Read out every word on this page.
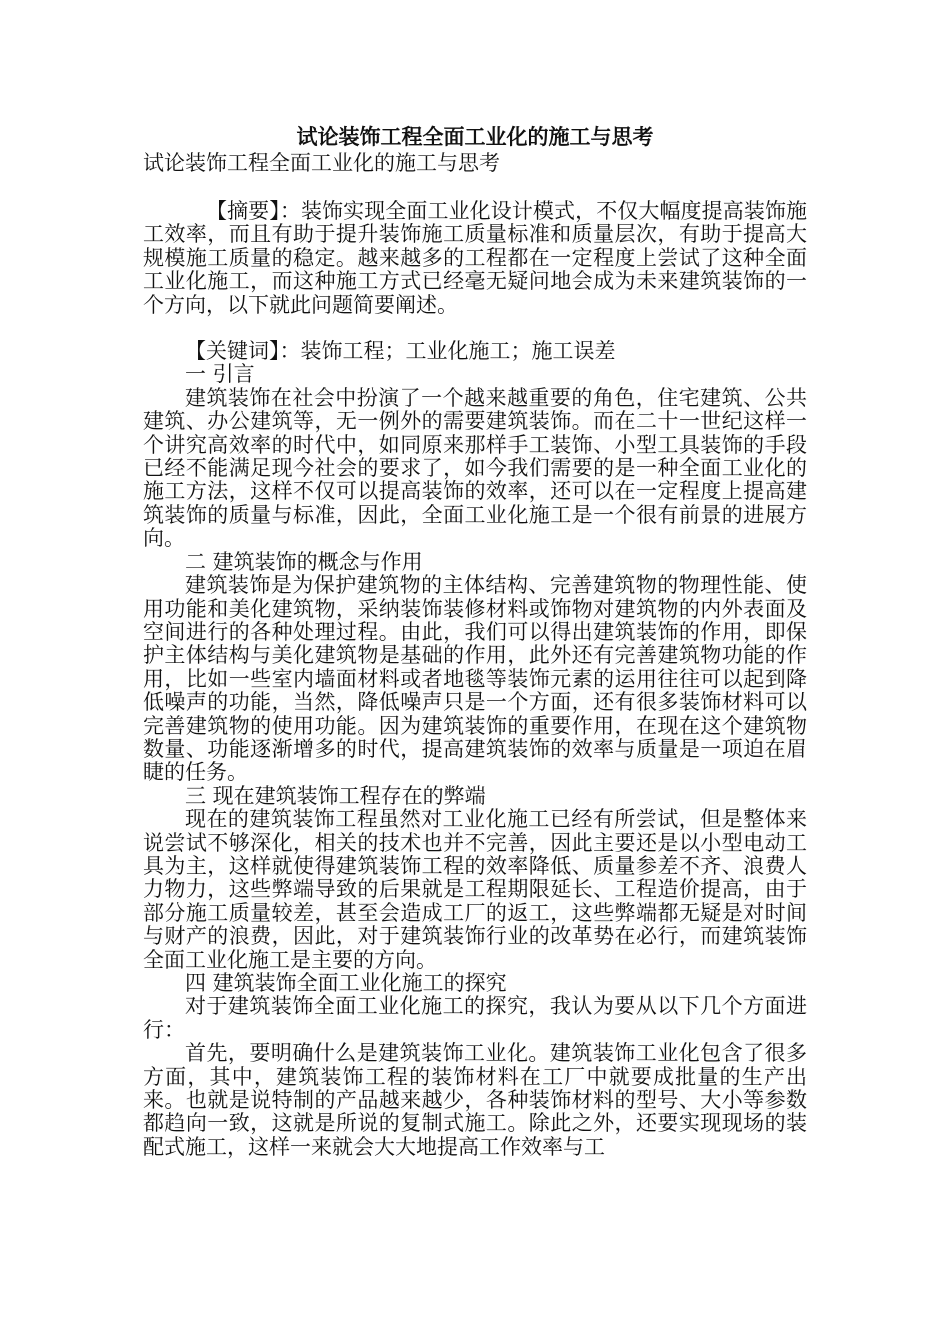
试论装饰工程全面工业化的施工与思考
试论装饰工程全面工业化的施工与思考

【摘要】：装饰实现全面工业化设计模式，不仅大幅度提高装饰施工效率，而且有助于提升装饰施工质量标准和质量层次，有助于提高大规模施工质量的稳定。越来越多的工程都在一定程度上尝试了这种全面工业化施工，而这种施工方式已经毫无疑问地会成为未来建筑装饰的一个方向，以下就此问题简要阐述。

【关键词】：装饰工程；工业化施工；施工误差

一 引言

建筑装饰在社会中扮演了一个越来越重要的角色，住宅建筑、公共建筑、办公建筑等，无一例外的需要建筑装饰。而在二十一世纪这样一个讲究高效率的时代中，如同原来那样手工装饰、小型工具装饰的手段已经不能满足现今社会的要求了，如今我们需要的是一种全面工业化的施工方法，这样不仅可以提高装饰的效率，还可以在一定程度上提高建筑装饰的质量与标准，因此，全面工业化施工是一个很有前景的进展方向。

二 建筑装饰的概念与作用

建筑装饰是为保护建筑物的主体结构、完善建筑物的物理性能、使用功能和美化建筑物，采纳装饰装修材料或饰物对建筑物的内外表面及空间进行的各种处理过程。由此，我们可以得出建筑装饰的作用，即保护主体结构与美化建筑物是基础的作用，此外还有完善建筑物功能的作用，比如一些室内墙面材料或者地毯等装饰元素的运用往往可以起到降低噪声的功能，当然，降低噪声只是一个方面，还有很多装饰材料可以完善建筑物的使用功能。因为建筑装饰的重要作用，在现在这个建筑物数量、功能逐渐增多的时代，提高建筑装饰的效率与质量是一项迫在眉睫的任务。

三 现在建筑装饰工程存在的弊端

现在的建筑装饰工程虽然对工业化施工已经有所尝试，但是整体来说尝试不够深化，相关的技术也并不完善，因此主要还是以小型电动工具为主，这样就使得建筑装饰工程的效率降低、质量参差不齐、浪费人力物力，这些弊端导致的后果就是工程期限延长、工程造价提高，由于部分施工质量较差，甚至会造成工厂的返工，这些弊端都无疑是对时间与财产的浪费，因此，对于建筑装饰行业的改革势在必行，而建筑装饰全面工业化施工是主要的方向。

四 建筑装饰全面工业化施工的探究

对于建筑装饰全面工业化施工的探究，我认为要从以下几个方面进行：

首先，要明确什么是建筑装饰工业化。建筑装饰工业化包含了很多方面，其中，建筑装饰工程的装饰材料在工厂中就要成批量的生产出来。也就是说特制的产品越来越少，各种装饰材料的型号、大小等参数都趋向一致，这就是所说的复制式施工。除此之外，还要实现现场的装配式施工，这样一来就会大大地提高工作效率与工
